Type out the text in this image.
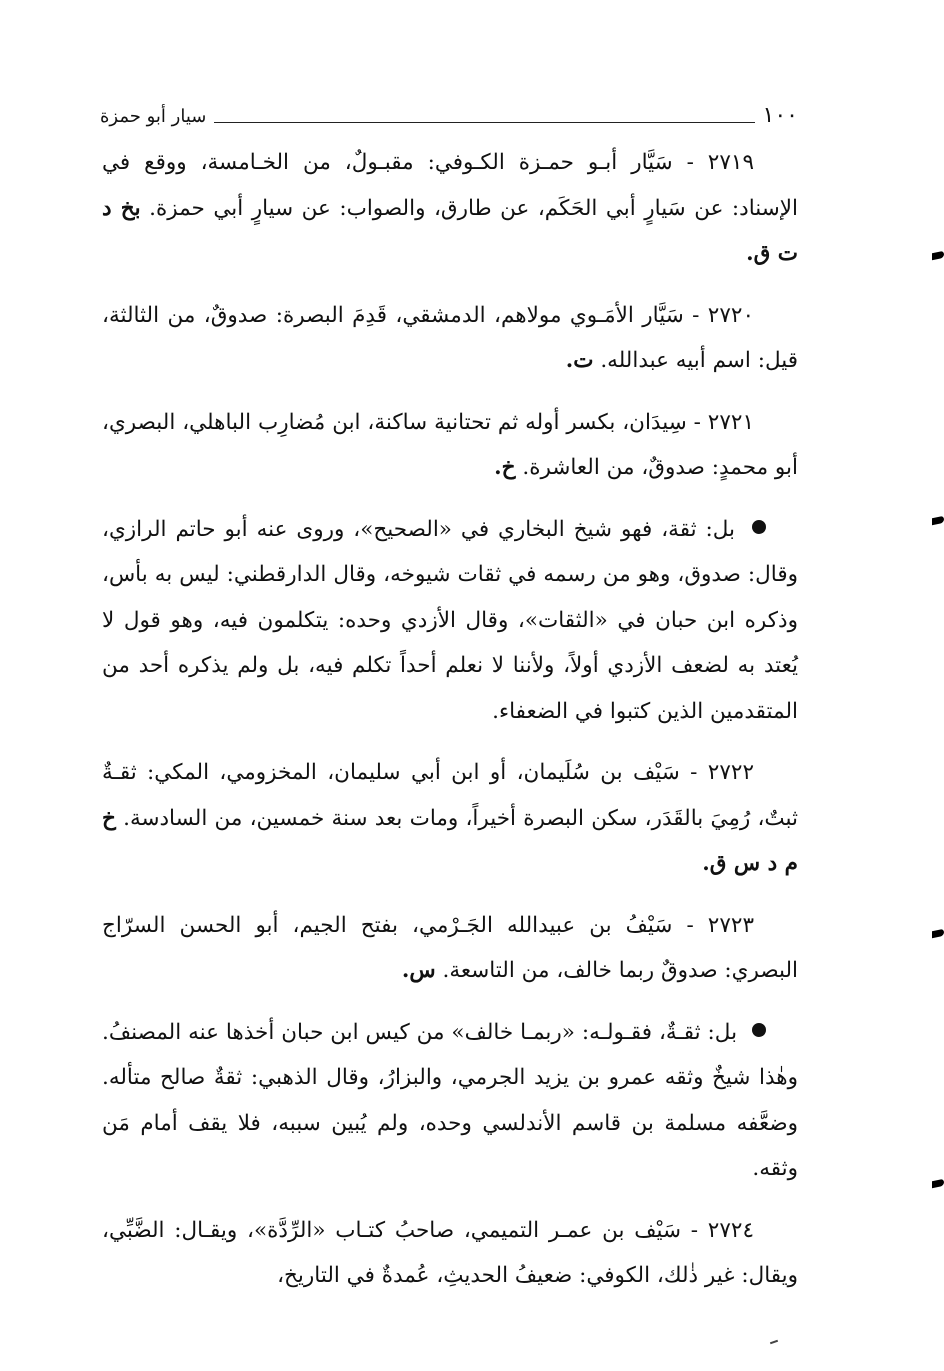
١٠٠
سيار أبو حمزة

٢٧١٩ - سَيَّار أبـو حمـزة الكـوفي: مقبـولٌ، من الخـامسة، ووقع في الإسناد: عن سَيارٍ أبي الحَكَم، عن طارق، والصواب: عن سيارٍ أبي حمزة. بخ د ت ق.

٢٧٢٠ - سَيَّار الأمَـوي مولاهم، الدمشقي، قَدِمَ البصرة: صدوقٌ، من الثالثة، قيل: اسم أبيه عبدالله. ت.

٢٧٢١ - سِيدَان، بكسر أوله ثم تحتانية ساكنة، ابن مُضارِب الباهلي، البصري، أبو محمدٍ: صدوقٌ، من العاشرة. خ.

بل: ثقة، فهو شيخ البخاري في «الصحيح»، وروى عنه أبو حاتم الرازي، وقال: صدوق، وهو من رسمه في ثقات شيوخه، وقال الدارقطني: ليس به بأس، وذكره ابن حبان في «الثقات»، وقال الأزدي وحده: يتكلمون فيه، وهو قول لا يُعتد به لضعف الأزدي أولاً، ولأننا لا نعلم أحداً تكلم فيه، بل ولم يذكره أحد من المتقدمين الذين كتبوا في الضعفاء.

٢٧٢٢ - سَيْف بن سُلَيمان، أو ابن أبي سليمان، المخزومي، المكي: ثقـةٌ ثبتٌ، رُمِيَ بالقَدَر، سكن البصرة أخيراً، ومات بعد سنة خمسين، من السادسة. خ م د س ق.

٢٧٢٣ - سَيْفُ بن عبيدالله الجَـرْمي، بفتح الجيم، أبو الحسن السرّاج البصري: صدوقٌ ربما خالف، من التاسعة. س.

بل: ثقـةٌ، فقـولـه: «ربمـا خالف» من كيس ابن حبان أخذها عنه المصنفُ. وهٰذا شيخٌ وثقه عمرو بن يزيد الجرمي، والبزارُ، وقال الذهبي: ثقةٌ صالح متأله. وضعَّفه مسلمة بن قاسم الأندلسي وحده، ولم يُبين سببه، فلا يقف أمام مَن وثقه.

٢٧٢٤ - سَيْف بن عمـر التميمي، صاحبُ كتـاب «الرِّدَّة»، ويقـال: الضَّبِّي، ويقال: غير ذٰلك، الكوفي: ضعيفُ الحديثِ، عُمدةٌ في التاريخ،
